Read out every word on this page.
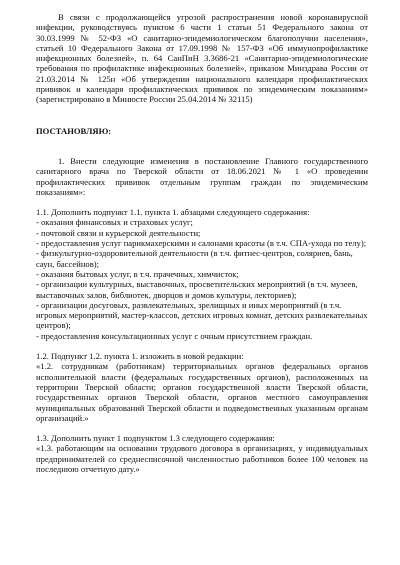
В связи с продолжающейся угрозой распространения новой коронавирусной инфекции, руководствуясь пунктом 6 части 1 статьи 51 Федерального закона от 30.03.1999 № 52-ФЗ «О санитарно-эпидемиологическом благополучии населения», статьей 10 Федерального Закона от 17.09.1998 № 157-ФЗ «Об иммунопрофилактике инфекционных болезней», п. 64 СанПиН 3.3686-21 «Санитарно-эпидемиологические требования по профилактике инфекционных болезней», приказом Минздрава России от 21.03.2014 № 125н «Об утверждении национального календаря профилактических прививок и календаря профилактических прививок по эпидемическим показаниям» (зарегистрировано в Минюсте России 25.04.2014 № 32115)

ПОСТАНОВЛЯЮ:

1. Внести следующие изменения в постановление Главного государственного санитарного врача по Тверской области от 18.06.2021 № 1 «О проведении профилактических прививок отдельным группам граждан по эпидемическим показаниям»:

1.1. Дополнить подпункт 1.1. пункта 1. абзацами следующего содержания:

- оказания финансовых и страховых услуг;

- почтовой связи и курьерской деятельности;

- предоставления услуг парикмахерскими и салонами красоты (в т.ч. СПА-ухода по телу);

- физкультурно-оздоровительной деятельности (в т.ч. фитнес-центров, соляриев, бань, саун, бассейнов);

- оказания бытовых услуг, в т.ч. прачечных, химчисток;

- организации культурных, выставочных, просветительских мероприятий (в т.ч. музеев, выставочных залов, библиотек, дворцов и домов культуры, лекториев);

- организации досуговых, развлекательных, зрелищных и иных мероприятий (в т.ч. игровых мероприятий, мастер-классов, детских игровых комнат, детских развлекательных центров);

- предоставления консультационных услуг с очным присутствием граждан.

1.2. Подпункт 1.2. пункта 1. изложить в новой редакции:

«1.2. сотрудникам (работникам) территориальных органов федеральных органов исполнительной власти (федеральных государственных органов), расположенных на территории Тверской области; органов государственной власти Тверской области, государственных органов Тверской области, органов местного самоуправления муниципальных образований Тверской области и подведомственных указанным органам организаций.»

1.3. Дополнить пункт 1 подпунктом 1.3 следующего содержания:

«1.3. работающим на основании трудового договора в организациях, у индивидуальных предпринимателей со среднесписочной численностью работников более 100 человек на последнюю отчетную дату.»
